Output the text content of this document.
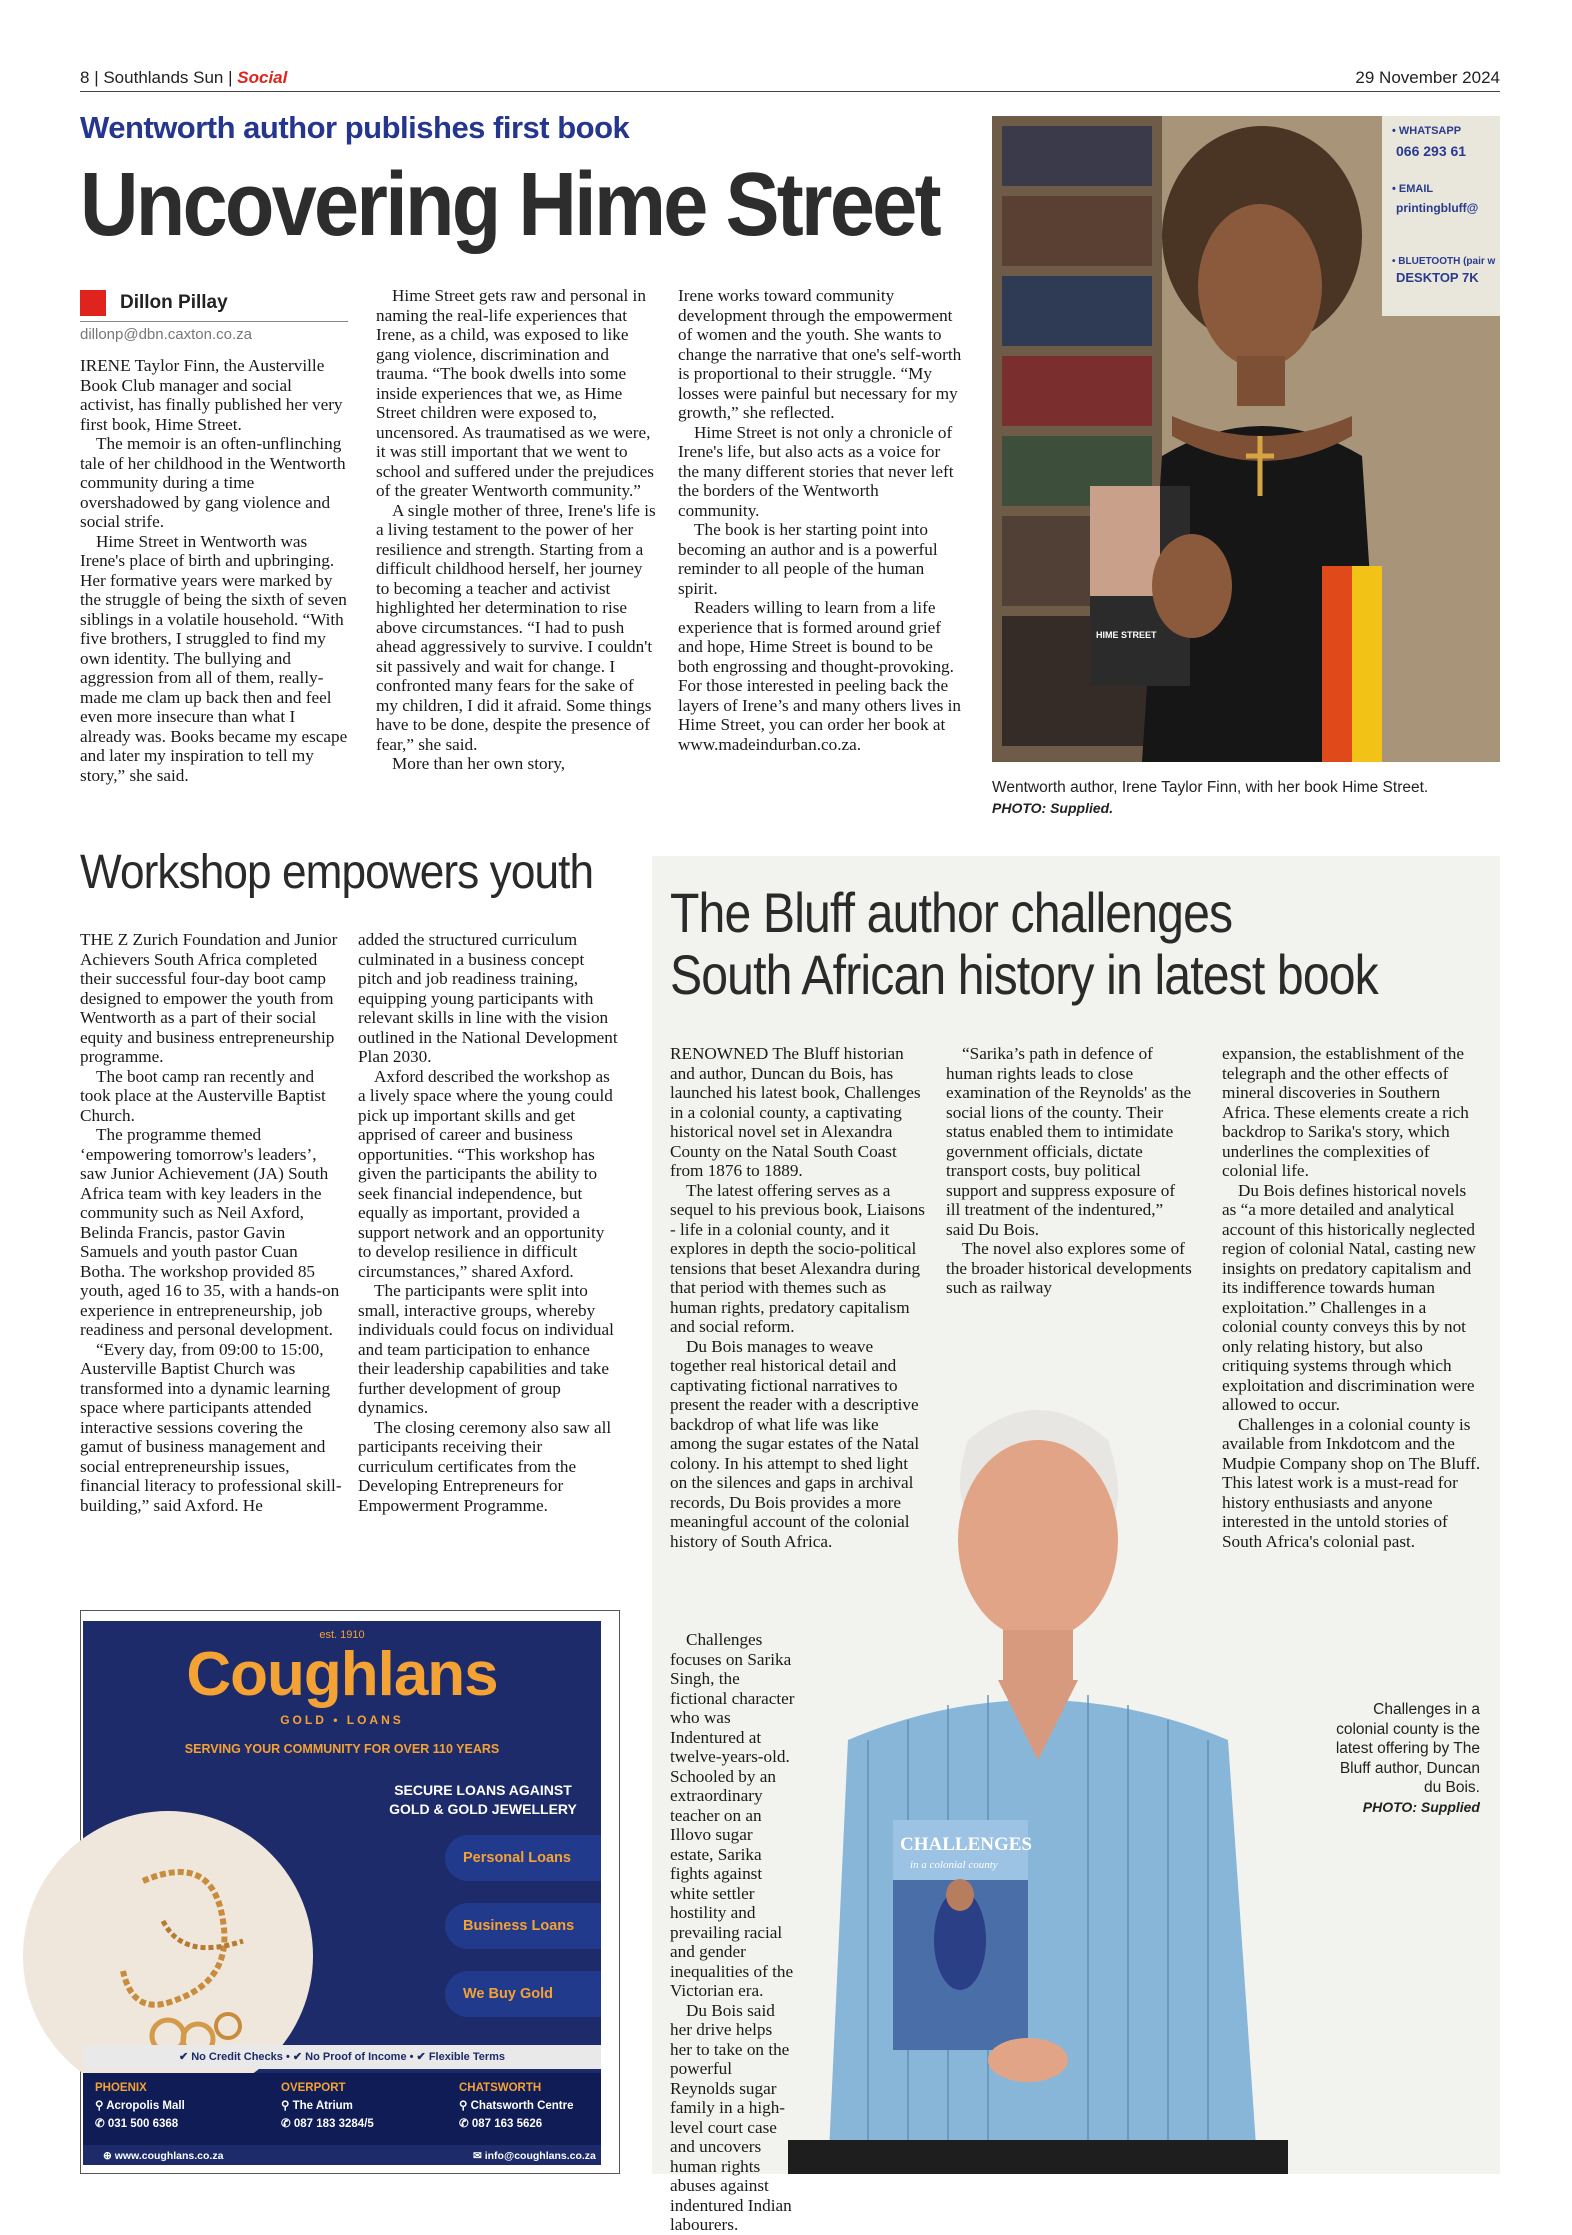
8 | Southlands Sun | Social	29 November 2024
Wentworth author publishes first book
Uncovering Hime Street
Dillon Pillay
dillonp@dbn.caxton.co.za

IRENE Taylor Finn, the Austerville Book Club manager and social activist, has finally published her very first book, Hime Street.

The memoir is an often-unflinching tale of her childhood in the Wentworth community during a time overshadowed by gang violence and social strife.

Hime Street in Wentworth was Irene's place of birth and upbringing. Her formative years were marked by the struggle of being the sixth of seven siblings in a volatile household. “With five brothers, I struggled to find my own identity. The bullying and aggression from all of them, really-made me clam up back then and feel even more insecure than what I already was. Books became my escape and later my inspiration to tell my story,” she said.

Hime Street gets raw and personal in naming the real-life experiences that Irene, as a child, was exposed to like gang violence, discrimination and trauma. “The book dwells into some inside experiences that we, as Hime Street children were exposed to, uncensored. As traumatised as we were, it was still important that we went to school and suffered under the prejudices of the greater Wentworth community.”

A single mother of three, Irene's life is a living testament to the power of her resilience and strength. Starting from a difficult childhood herself, her journey to becoming a teacher and activist highlighted her determination to rise above circumstances. “I had to push ahead aggressively to survive. I couldn't sit passively and wait for change. I confronted many fears for the sake of my children, I did it afraid. Some things have to be done, despite the presence of fear,” she said.

More than her own story,

Irene works toward community development through the empowerment of women and the youth. She wants to change the narrative that one's self-worth is proportional to their struggle. “My losses were painful but necessary for my growth,” she reflected.

Hime Street is not only a chronicle of Irene's life, but also acts as a voice for the many different stories that never left the borders of the Wentworth community.

The book is her starting point into becoming an author and is a powerful reminder to all people of the human spirit.

Readers willing to learn from a life experience that is formed around grief and hope, Hime Street is bound to be both engrossing and thought-provoking. For those interested in peeling back the layers of Irene’s and many others lives in Hime Street, you can order her book at www.madeindurban.co.za.

• WHATSAPP
066 293 61
• EMAIL
printingbluff@
• BLUETOOTH (pair w
DESKTOP 7K
HIME STREET
Wentworth author, Irene Taylor Finn, with her book Hime Street.
PHOTO: Supplied.
Workshop empowers youth

THE Z Zurich Foundation and Junior Achievers South Africa completed their successful four-day boot camp designed to empower the youth from Wentworth as a part of their social equity and business entrepreneurship programme.

The boot camp ran recently and took place at the Austerville Baptist Church.

The programme themed ‘empowering tomorrow's leaders’, saw Junior Achievement (JA) South Africa team with key leaders in the community such as Neil Axford, Belinda Francis, pastor Gavin Samuels and youth pastor Cuan Botha. The workshop provided 85 youth, aged 16 to 35, with a hands-on experience in entrepreneurship, job readiness and personal development.

“Every day, from 09:00 to 15:00, Austerville Baptist Church was transformed into a dynamic learning space where participants attended interactive sessions covering the gamut of business management and social entrepreneurship issues, financial literacy to professional skill-building,” said Axford. He

added the structured curriculum culminated in a business concept pitch and job readiness training, equipping young participants with relevant skills in line with the vision outlined in the National Development Plan 2030.

Axford described the workshop as a lively space where the young could pick up important skills and get apprised of career and business opportunities. “This workshop has given the participants the ability to seek financial independence, but equally as important, provided a support network and an opportunity to develop resilience in difficult circumstances,” shared Axford.

The participants were split into small, interactive groups, whereby individuals could focus on individual and team participation to enhance their leadership capabilities and take further development of group dynamics.

The closing ceremony also saw all participants receiving their curriculum certificates from the Developing Entrepreneurs for Empowerment Programme.

est. 1910
Coughlans
GOLD • LOANS
SERVING YOUR COMMUNITY FOR OVER 110 YEARS
SECURE LOANS AGAINST GOLD & GOLD JEWELLERY
Personal Loans
Business Loans
We Buy Gold
✔ No Credit Checks • ✔ No Proof of Income • ✔ Flexible Terms
PHOENIX
⚲ Acropolis Mall
✆ 031 500 6368
OVERPORT
⚲ The Atrium
✆ 087 183 3284/5
CHATSWORTH
⚲ Chatsworth Centre
✆ 087 163 5626
⊕ www.coughlans.co.za	✉ info@coughlans.co.za
The Bluff author challenges
South African history in latest book

RENOWNED The Bluff historian and author, Duncan du Bois, has launched his latest book, Challenges in a colonial county, a captivating historical novel set in Alexandra County on the Natal South Coast from 1876 to 1889.

The latest offering serves as a sequel to his previous book, Liaisons - life in a colonial county, and it explores in depth the socio-political tensions that beset Alexandra during that period with themes such as human rights, predatory capitalism and social reform.

Du Bois manages to weave together real historical detail and captivating fictional narratives to present the reader with a descriptive backdrop of what life was like among the sugar estates of the Natal colony. In his attempt to shed light on the silences and gaps in archival records, Du Bois provides a more meaningful account of the colonial history of South Africa.

Challenges focuses on Sarika Singh, the fictional character who was Indentured at twelve-years-old. Schooled by an extraordinary teacher on an Illovo sugar estate, Sarika fights against white settler hostility and prevailing racial and gender inequalities of the Victorian era.

Du Bois said her drive helps her to take on the powerful Reynolds sugar family in a high-level court case and uncovers human rights abuses against indentured Indian labourers.

“Sarika’s path in defence of human rights leads to close examination of the Reynolds' as the social lions of the county. Their status enabled them to intimidate government officials, dictate transport costs, buy political support and suppress exposure of ill treatment of the indentured,” said Du Bois.

The novel also explores some of the broader historical developments such as railway

expansion, the establishment of the telegraph and the other effects of mineral discoveries in Southern Africa. These elements create a rich backdrop to Sarika's story, which underlines the complexities of colonial life.

Du Bois defines historical novels as “a more detailed and analytical account of this historically neglected region of colonial Natal, casting new insights on predatory capitalism and its indifference towards human exploitation.” Challenges in a colonial county conveys this by not only relating history, but also critiquing systems through which exploitation and discrimination were allowed to occur.

Challenges in a colonial county is available from Inkdotcom and the Mudpie Company shop on The Bluff. This latest work is a must-read for history enthusiasts and anyone interested in the untold stories of South Africa's colonial past.

CHALLENGES
in a colonial county
Challenges in a colonial county is the latest offering by The Bluff author, Duncan du Bois.
PHOTO: Supplied
